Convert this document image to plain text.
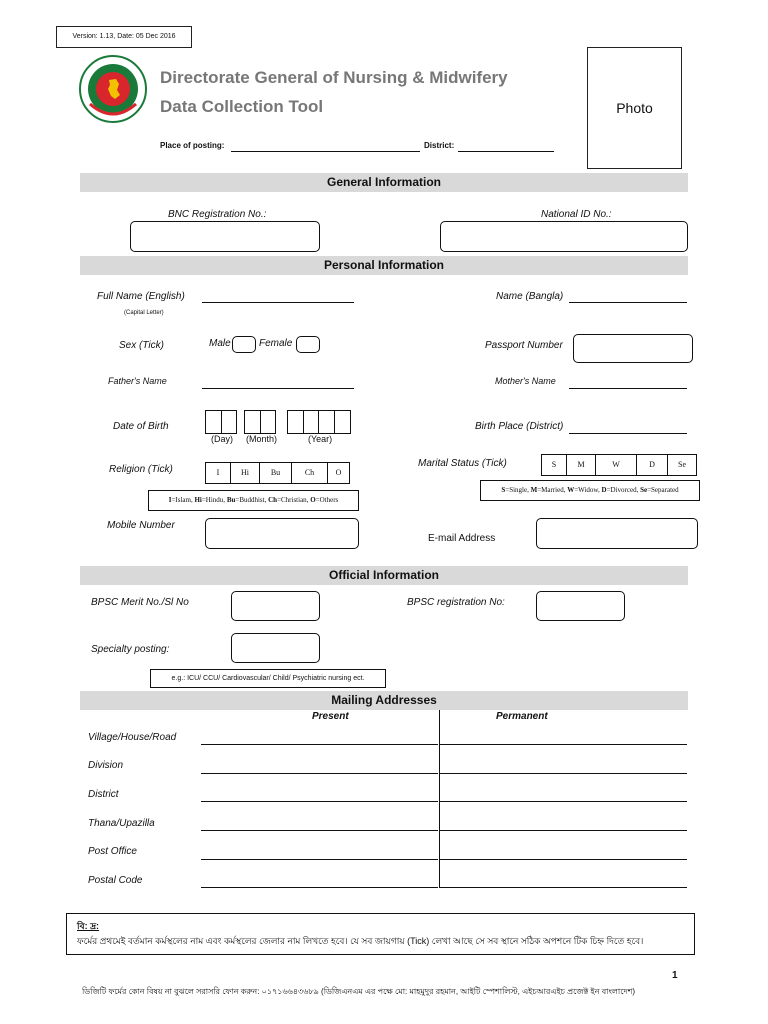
Version: 1.13, Date: 05 Dec 2016
Directorate General of Nursing & Midwifery
Data Collection Tool	Photo
Place of posting:	District:
General Information
BNC Registration No.:	National ID No.:
Personal Information
Full Name (English)
(Capital Letter)
Name (Bangla)
Sex (Tick)	Male	Female	Passport Number
Father's Name	Mother's Name
Date of Birth
(Day) (Month)	(Year)
Birth Place (District)
Religion (Tick)	I	Hi	Bu	Ch	O
I=Islam, Hi=Hindu, Bu=Buddhist, Ch=Christian, O=Others
Marital Status (Tick)	S	M	W	D	Se
S=Single, M=Married, W=Widow, D=Divorced, Se=Separated
Mobile Number
E-mail Address
Official Information
BPSC Merit No./Sl No	BPSC registration No:
Specialty posting:
e.g.: ICU/ CCU/ Cardiovascular/ Child/ Psychiatric nursing ect.
Mailing Addresses
Present	Permanent
Village/House/Road
Division
District
Thana/Upazilla
Post Office
Postal Code
বি: দ্র:
ফর্মের প্রথমেই বর্তমান কর্মস্থলের নাম এবং কর্মস্থলের জেলার নাম লিখতে হবে। যে সব জায়গায় (Tick) লেখা আছে সে সব স্থানে সঠিক অপশনে টিক চিহ্ন দিতে হবে।
1
ডিজিটি ফর্মের কোন বিষয় না বুঝলে সরাসরি ফোন করুন: ০১৭১৬৬৪৩৬৮৯ (ডিজিএনএম এর পক্ষে মো: মাহমুদুর রহমান, আইটি স্পেশালিস্ট, এইচআরএইচ প্রজেক্ট ইন বাংলাদেশ)
